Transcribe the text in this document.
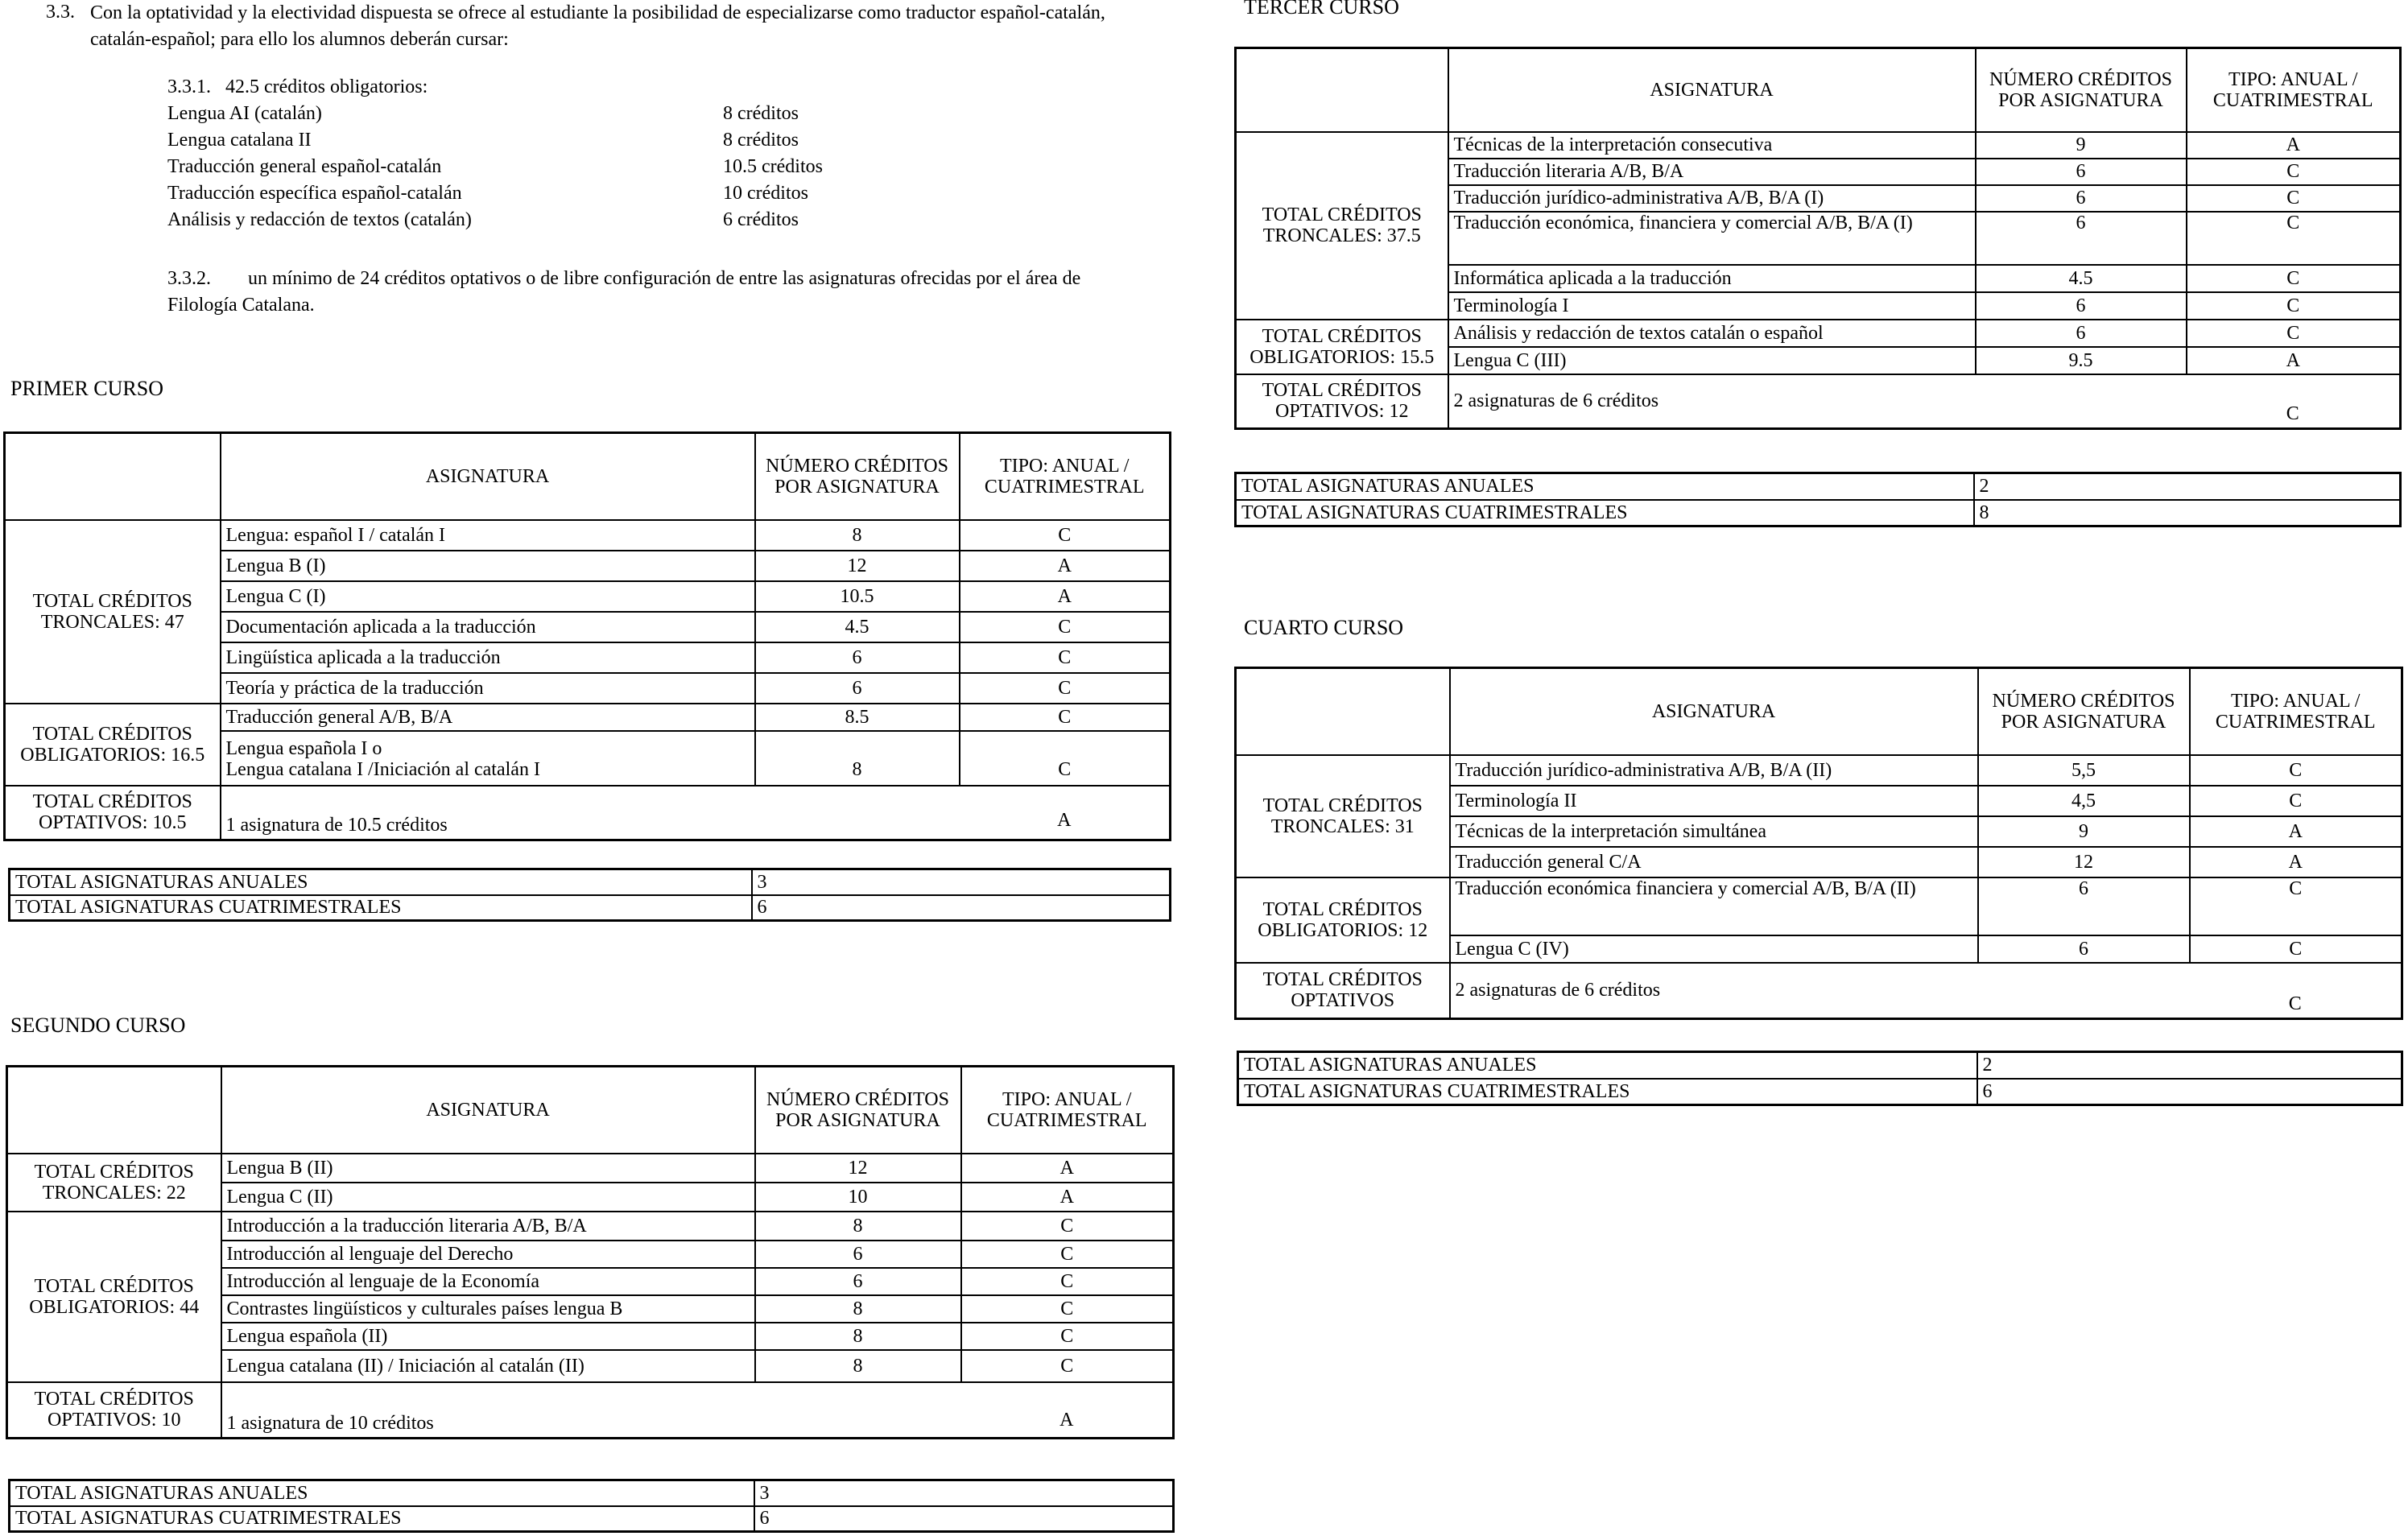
3.3. Con la optatividad y la electividad dispuesta se ofrece al estudiante la posibilidad de especializarse como traductor español-catalán, catalán-español; para ello los alumnos deberán cursar:
3.3.1. 42.5 créditos obligatorios:
Lengua AI (catalán)	8 créditos
Lengua catalana II	8 créditos
Traducción general español-catalán	10.5 créditos
Traducción específica español-catalán	10 créditos
Análisis y redacción de textos (catalán)	6 créditos
3.3.2. un mínimo de 24 créditos optativos o de libre configuración de entre las asignaturas ofrecidas por el área de Filología Catalana.
PRIMER CURSO
	ASIGNATURA	NÚMERO CRÉDITOS POR ASIGNATURA	TIPO: ANUAL / CUATRIMESTRAL
TOTAL CRÉDITOS TRONCALES: 47	Lengua: español I / catalán I	8	C
	Lengua B (I)	12	A
	Lengua C (I)	10.5	A
	Documentación aplicada a la traducción	4.5	C
	Lingüística aplicada a la traducción	6	C
	Teoría y práctica de la traducción	6	C
TOTAL CRÉDITOS OBLIGATORIOS: 16.5	Traducción general A/B, B/A	8.5	C

	Lengua española I o
Lengua catalana I /Iniciación al catalán I	8	C
TOTAL CRÉDITOS OPTATIVOS: 10.5	1 asignatura de 10.5 créditos		A
TOTAL ASIGNATURAS ANUALES	3
TOTAL ASIGNATURAS CUATRIMESTRALES	6
SEGUNDO CURSO
	ASIGNATURA	NÚMERO CRÉDITOS POR ASIGNATURA	TIPO: ANUAL / CUATRIMESTRAL
TOTAL CRÉDITOS TRONCALES: 22	Lengua B (II)	12	A
	Lengua C (II)	10	A
TOTAL CRÉDITOS OBLIGATORIOS: 44	Introducción a la traducción literaria A/B, B/A	8	C
	Introducción al lenguaje del Derecho	6	C
	Introducción al lenguaje de la Economía	6	C
	Contrastes lingüísticos y culturales países lengua B	8	C
	Lengua española (II)	8	C
	Lengua catalana (II) / Iniciación al catalán (II)	8	C
TOTAL CRÉDITOS OPTATIVOS: 10	1 asignatura de 10 créditos		A
TOTAL ASIGNATURAS ANUALES	3
TOTAL ASIGNATURAS CUATRIMESTRALES	6
TERCER CURSO
	ASIGNATURA	NÚMERO CRÉDITOS POR ASIGNATURA	TIPO: ANUAL / CUATRIMESTRAL
TOTAL CRÉDITOS TRONCALES: 37.5	Técnicas de la interpretación consecutiva	9	A
	Traducción literaria A/B, B/A	6	C
	Traducción jurídico-administrativa A/B, B/A (I)	6	C
	Traducción económica, financiera y comercial A/B, B/A (I)	6	C
	Informática aplicada a la traducción	4.5	C
	Terminología I	6	C
TOTAL CRÉDITOS OBLIGATORIOS: 15.5	Análisis y redacción de textos catalán o español	6	C
	Lengua C (III)	9.5	A
TOTAL CRÉDITOS OPTATIVOS: 12	2 asignaturas de 6 créditos		C
TOTAL ASIGNATURAS ANUALES	2
TOTAL ASIGNATURAS CUATRIMESTRALES	8
CUARTO CURSO
	ASIGNATURA	NÚMERO CRÉDITOS POR ASIGNATURA	TIPO: ANUAL / CUATRIMESTRAL
TOTAL CRÉDITOS TRONCALES: 31	Traducción jurídico-administrativa A/B, B/A (II)	5,5	C
	Terminología II	4,5	C
	Técnicas de la interpretación simultánea	9	A
	Traducción general C/A	12	A
TOTAL CRÉDITOS OBLIGATORIOS: 12	Traducción económica financiera y comercial A/B, B/A (II)	6	C
	Lengua C (IV)	6	C
TOTAL CRÉDITOS OPTATIVOS	2 asignaturas de 6 créditos		C
TOTAL ASIGNATURAS ANUALES	2
TOTAL ASIGNATURAS CUATRIMESTRALES	6
